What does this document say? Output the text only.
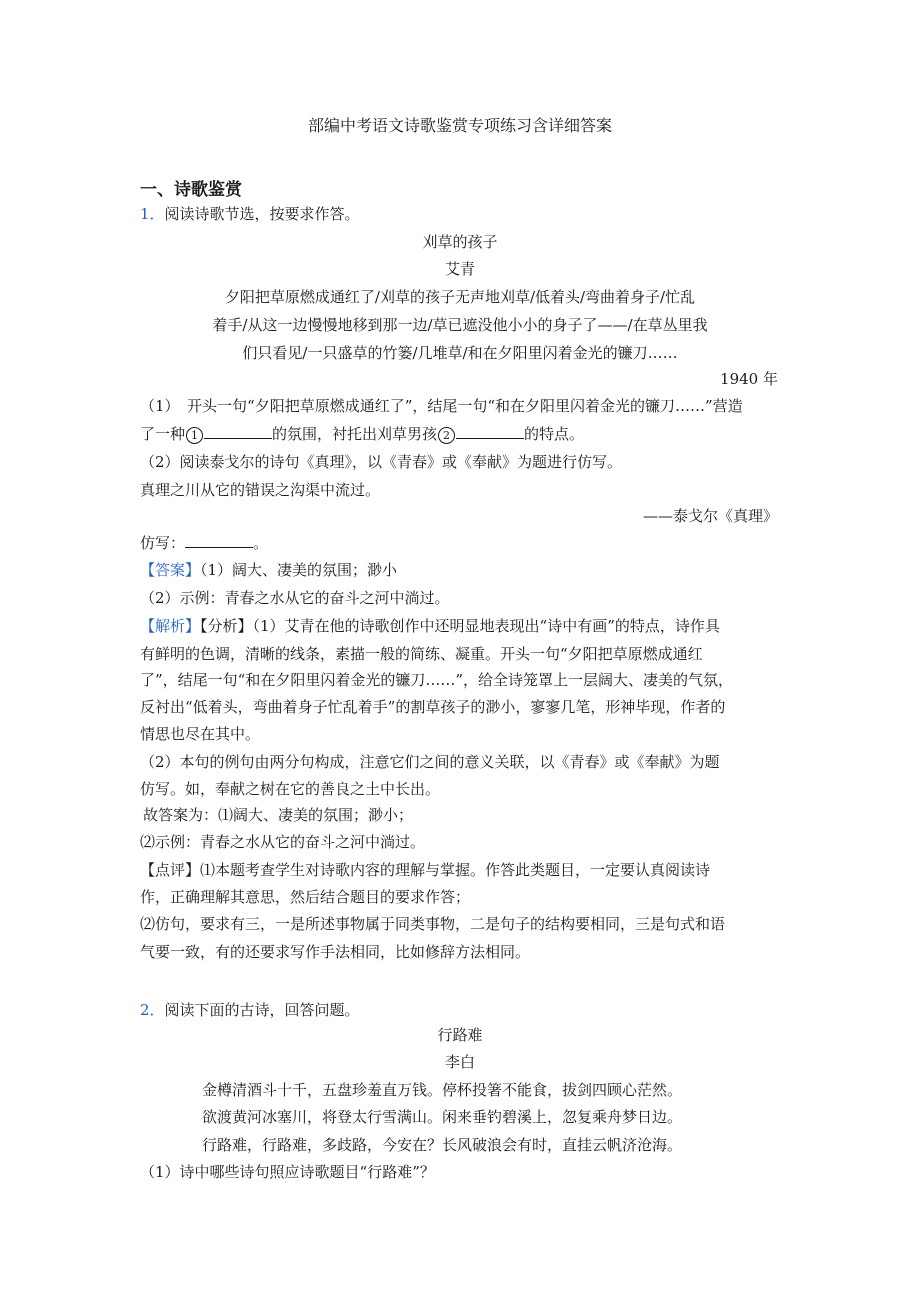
部编中考语文诗歌鉴赏专项练习含详细答案
一、诗歌鉴赏
1．阅读诗歌节选，按要求作答。
刈草的孩子
艾青
夕阳把草原燃成通红了/刈草的孩子无声地刈草/低着头/弯曲着身子/忙乱
着手/从这一边慢慢地移到那一边/草已遮没他小小的身子了——/在草丛里我
们只看见/一只盛草的竹篓/几堆草/和在夕阳里闪着金光的镰刀……
1940 年
（1）　开头一句“夕阳把草原燃成通红了”，结尾一句“和在夕阳里闪着金光的镰刀……”营造
了一种 1	的氛围，衬托出刈草男孩 2	的特点。
（2）阅读泰戈尔的诗句《真理》，以《青春》或《奉献》为题进行仿写。
真理之川从它的错误之沟渠中流过。
——泰戈尔《真理》
仿写：	。
【答案】（1）阔大、凄美的氛围；渺小
（2）示例：青春之水从它的奋斗之河中淌过。
【解析】【分析】（1）艾青在他的诗歌创作中还明显地表现出“诗中有画”的特点，诗作具
有鲜明的色调，清晰的线条，素描一般的简练、凝重。开头一句“夕阳把草原燃成通红
了”，结尾一句“和在夕阳里闪着金光的镰刀……”，给全诗笼罩上一层阔大、凄美的气氛，
反衬出“低着头，弯曲着身子忙乱着手”的割草孩子的渺小，寥寥几笔，形神毕现，作者的
情思也尽在其中。
（2）本句的例句由两分句构成，注意它们之间的意义关联，以《青春》或《奉献》为题
仿写。如，奉献之树在它的善良之土中长出。
故答案为：⑴阔大、凄美的氛围；渺小；
⑵示例：青春之水从它的奋斗之河中淌过。
【点评】⑴本题考查学生对诗歌内容的理解与掌握。作答此类题目，一定要认真阅读诗
作，正确理解其意思，然后结合题目的要求作答；
⑵仿句，要求有三，一是所述事物属于同类事物，二是句子的结构要相同，三是句式和语
气要一致，有的还要求写作手法相同，比如修辞方法相同。
2．阅读下面的古诗，回答问题。
行路难
李白
金樽清酒斗十千，五盘珍羞直万钱。停杯投箸不能食，拔剑四顾心茫然。
欲渡黄河冰塞川，将登太行雪满山。闲来垂钓碧溪上，忽复乘舟梦日边。
行路难，行路难，多歧路，今安在？长风破浪会有时，直挂云帆济沧海。
（1）诗中哪些诗句照应诗歌题目“行路难”？
